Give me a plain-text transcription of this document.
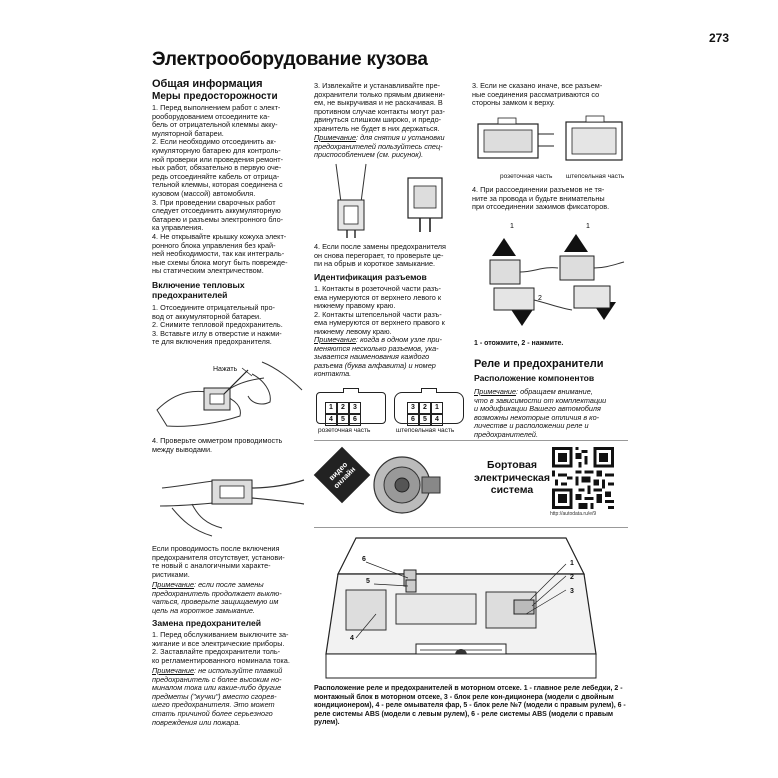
273
Электрооборудование кузова
Общая информация
Меры предосторожности
1. Перед выполнением работ с элект-
рооборудованием отсоедините ка-
бель от отрицательной клеммы акку-
муляторной батареи.
2. Если необходимо отсоединить ак-
кумуляторную батарею для контроль-
ной проверки или проведения ремонт-
ных работ, обязательно в первую оче-
редь отсоединяйте кабель от отрица-
тельной клеммы, которая соединена с
кузовом (массой) автомобиля.
3. При проведении сварочных работ
следует отсоединить аккумуляторную
батарею и разъемы электронного бло-
ка управления.
4. Не открывайте крышку кожуха элект-
ронного блока управления без край-
ней необходимости, так как интеграль-
ные схемы блока могут быть поврежде-
ны статическим электричеством.
Включение тепловых
предохранителей
1. Отсоедините отрицательный про-
вод от аккумуляторной батареи.
2. Снимите тепловой предохранитель.
3. Вставьте иглу в отверстие и нажми-
те для включения предохранителя.
Нажать
4. Проверьте омметром проводимость
между выводами.
Если проводимость после включения
предохранителя отсутствует, установи-
те новый с аналогичными характе-
ристиками.
Примечание: если после замены
предохранитель продолжает выклю-
чаться, проверьте защищаемую им
цепь на короткое замыкание.
Замена предохранителей
1. Перед обслуживанием выключите за-
жигание и все электрические приборы.
2. Заставлайте предохранители толь-
ко регламентированного номинала тока.
Примечание: не используйте плавкий
предохранитель с более высоким но-
миналом тока или какие-либо другие
предметы ("жучки") вместо сгорев-
шего предохранителя. Это может
стать причиной более серьезного
повреждения или пожара.
3. Извлекайте и устанавливайте пре-
дохранители только прямым движени-
ем, не выкручивая и не раскачивая. В
противном случае контакты могут раз-
двинуться слишком широко, и предо-
хранитель не будет в них держаться.
Примечание: для снятия и установки
предохранителей пользуйтесь спец-
приспособлением (см. рисунок).
4. Если после замены предохранителя
он снова перегорает, то проверьте це-
пи на обрыв и короткое замыкание.
Идентификация разъемов
1. Контакты в розеточной части разъ-
ема нумеруются от верхнего левого к
нижнему правому краю.
2. Контакты штепсельной части разъ-
ема нумеруются от верхнего правого к
нижнему левому краю.
Примечание: когда в одном узле при-
меняются несколько разъемов, ука-
зывается наименования каждого
разъема (буква алфавита) и номер
контакта.
1 2 3
4 5 6
3 2 1
6 5 4
розеточная часть	штепсельная часть
3. Если не сказано иначе, все разъем-
ные соединения рассматриваются со
стороны замком к верху.
розеточная часть штепсельная часть
4. При рассоединении разъемов не тя-
ните за провода и будьте внимательны
при отсоединении зажимов фиксаторов.
1	1
2
1 - отожмите, 2 - нажмите.
Реле и предохранители
Расположение компонентов
Примечание: обращаем внимание,
что в зависимости от комплектации
и модификации Вашего автомобиля
возможны некоторые отличия в ко-
личестве и расположении реле и
предохранителей.
видео
онлайн	Бортовая
электрическая
система
http://autodata.ru/e/9
6
5
4
1
2
3
Расположение реле и предохранителей в моторном отсеке. 1 - главное реле лебедки, 2 - монтажный блок в моторном отсеке, 3 - блок реле кон-диционера (модели с двойным кондиционером), 4 - реле омывателя фар, 5 - блок реле №7 (модели с правым рулем), 6 - реле системы ABS (модели с левым рулем), 6 - реле системы ABS (модели с правым рулем).
